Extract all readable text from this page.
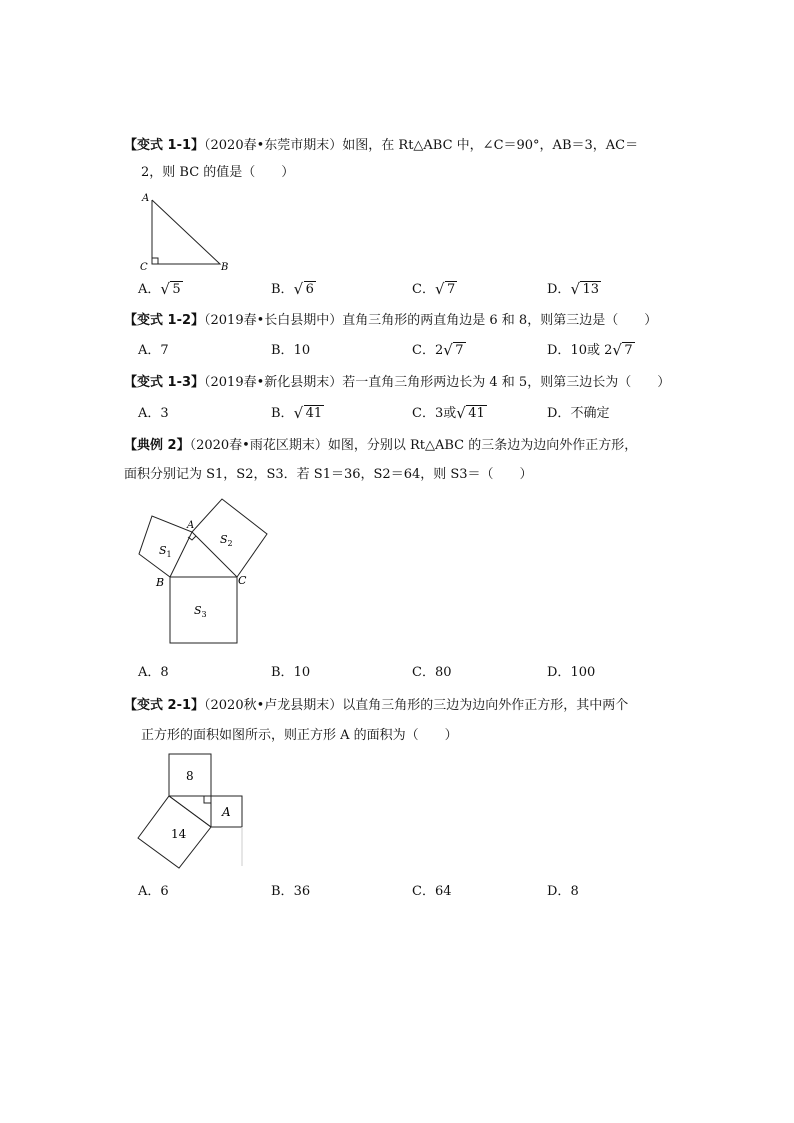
【变式 1-1】（2020春•东莞市期末）如图，在 Rt△ABC 中，∠C＝90°，AB＝3，AC＝
2，则 BC 的值是（　　）
A
C	B
A． √ 5	B． √ 6	C． √ 7	D． √ 13
【变式 1-2】（2019春•长白县期中）直角三角形的两直角边是 6 和 8，则第三边是（　　）
A．7	B．10	C．2 √ 7	D．10或 2 √ 7
【变式 1-3】（2019春•新化县期末）若一直角三角形两边长为 4 和 5，则第三边长为（　　）
A．3	B． √ 41	C．3或 √ 41	D．不确定
【典例 2】（2020春•雨花区期末）如图，分别以 Rt△ABC 的三条边为边向外作正方形，
面积分别记为 S1，S2，S3．若 S1＝36，S2＝64，则 S3＝（　　）
A
B	C
$S_1$
$S_2$
$S_3$
A．8	B．10	C．80	D．100
【变式 2-1】（2020秋•卢龙县期末）以直角三角形的三边为边向外作正方形，其中两个
正方形的面积如图所示，则正方形 A 的面积为（　　）
8
14
A
A．6	B．36	C．64	D．8
